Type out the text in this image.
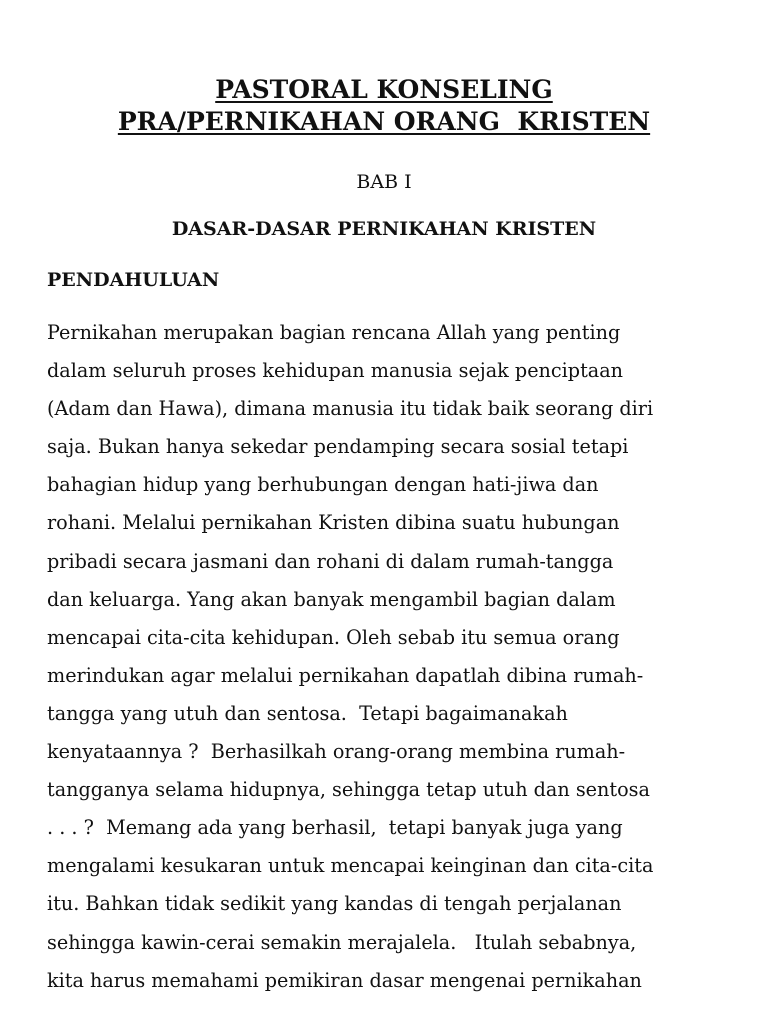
PASTORAL KONSELING
PRA/PERNIKAHAN ORANG  KRISTEN
BAB I
DASAR-DASAR PERNIKAHAN KRISTEN
PENDAHULUAN
Pernikahan merupakan bagian rencana Allah yang penting
dalam seluruh proses kehidupan manusia sejak penciptaan
(Adam dan Hawa), dimana manusia itu tidak baik seorang diri
saja. Bukan hanya sekedar pendamping secara sosial tetapi
bahagian hidup yang berhubungan dengan hati-jiwa dan
rohani. Melalui pernikahan Kristen dibina suatu hubungan
pribadi secara jasmani dan rohani di dalam rumah-tangga
dan keluarga. Yang akan banyak mengambil bagian dalam
mencapai cita-cita kehidupan. Oleh sebab itu semua orang
merindukan agar melalui pernikahan dapatlah dibina rumah-
tangga yang utuh dan sentosa.  Tetapi bagaimanakah
kenyataannya ?  Berhasilkah orang-orang membina rumah-
tangganya selama hidupnya, sehingga tetap utuh dan sentosa
. . . ?  Memang ada yang berhasil,  tetapi banyak juga yang
mengalami kesukaran untuk mencapai keinginan dan cita-cita
itu. Bahkan tidak sedikit yang kandas di tengah perjalanan
sehingga kawin-cerai semakin merajalela.   Itulah sebabnya,
kita harus memahami pemikiran dasar mengenai pernikahan
